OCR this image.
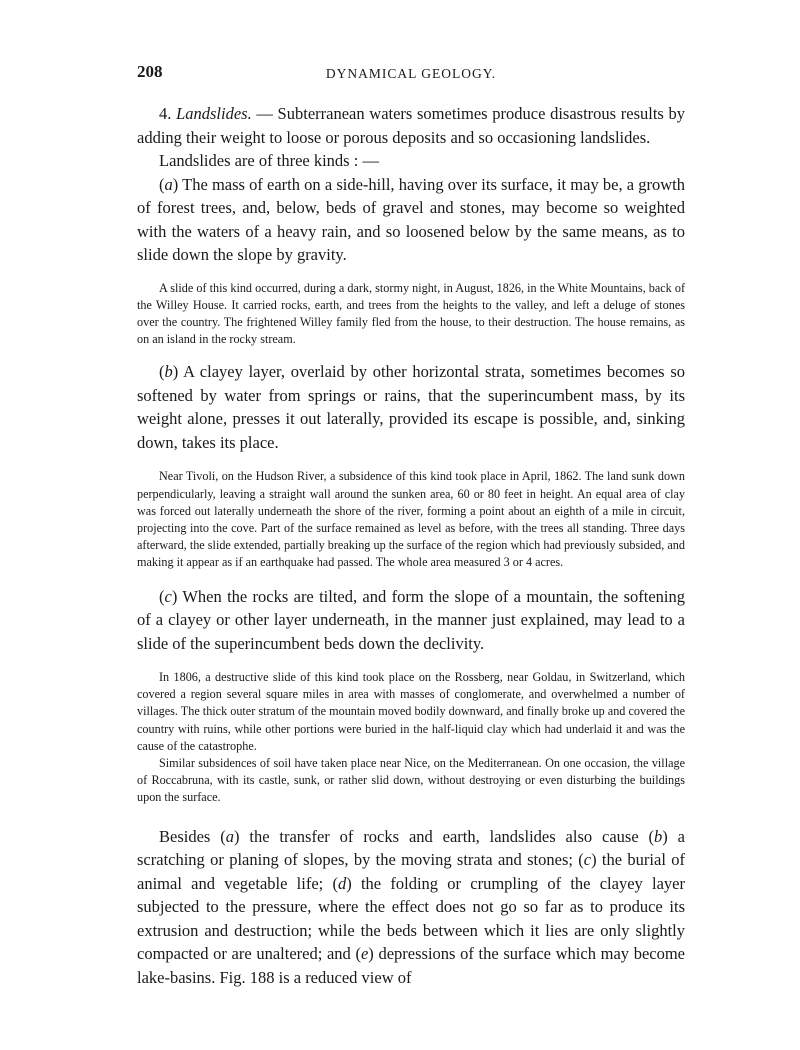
208	DYNAMICAL GEOLOGY.

4. Landslides. — Subterranean waters sometimes produce disastrous results by adding their weight to loose or porous deposits and so occasioning landslides.

Landslides are of three kinds : —

(a) The mass of earth on a side-hill, having over its surface, it may be, a growth of forest trees, and, below, beds of gravel and stones, may become so weighted with the waters of a heavy rain, and so loosened below by the same means, as to slide down the slope by gravity.

A slide of this kind occurred, during a dark, stormy night, in August, 1826, in the White Mountains, back of the Willey House. It carried rocks, earth, and trees from the heights to the valley, and left a deluge of stones over the country. The frightened Willey family fled from the house, to their destruction. The house remains, as on an island in the rocky stream.

(b) A clayey layer, overlaid by other horizontal strata, sometimes becomes so softened by water from springs or rains, that the superincumbent mass, by its weight alone, presses it out laterally, provided its escape is possible, and, sinking down, takes its place.

Near Tivoli, on the Hudson River, a subsidence of this kind took place in April, 1862. The land sunk down perpendicularly, leaving a straight wall around the sunken area, 60 or 80 feet in height. An equal area of clay was forced out laterally underneath the shore of the river, forming a point about an eighth of a mile in circuit, projecting into the cove. Part of the surface remained as level as before, with the trees all standing. Three days afterward, the slide extended, partially breaking up the surface of the region which had previously subsided, and making it appear as if an earthquake had passed. The whole area measured 3 or 4 acres.

(c) When the rocks are tilted, and form the slope of a mountain, the softening of a clayey or other layer underneath, in the manner just explained, may lead to a slide of the superincumbent beds down the declivity.

In 1806, a destructive slide of this kind took place on the Rossberg, near Goldau, in Switzerland, which covered a region several square miles in area with masses of conglomerate, and overwhelmed a number of villages. The thick outer stratum of the mountain moved bodily downward, and finally broke up and covered the country with ruins, while other portions were buried in the half-liquid clay which had underlaid it and was the cause of the catastrophe.

Similar subsidences of soil have taken place near Nice, on the Mediterranean. On one occasion, the village of Roccabruna, with its castle, sunk, or rather slid down, without destroying or even disturbing the buildings upon the surface.

Besides (a) the transfer of rocks and earth, landslides also cause (b) a scratching or planing of slopes, by the moving strata and stones; (c) the burial of animal and vegetable life; (d) the folding or crumpling of the clayey layer subjected to the pressure, where the effect does not go so far as to produce its extrusion and destruction; while the beds between which it lies are only slightly compacted or are unaltered; and (e) depressions of the surface which may become lake-basins. Fig. 188 is a reduced view of
